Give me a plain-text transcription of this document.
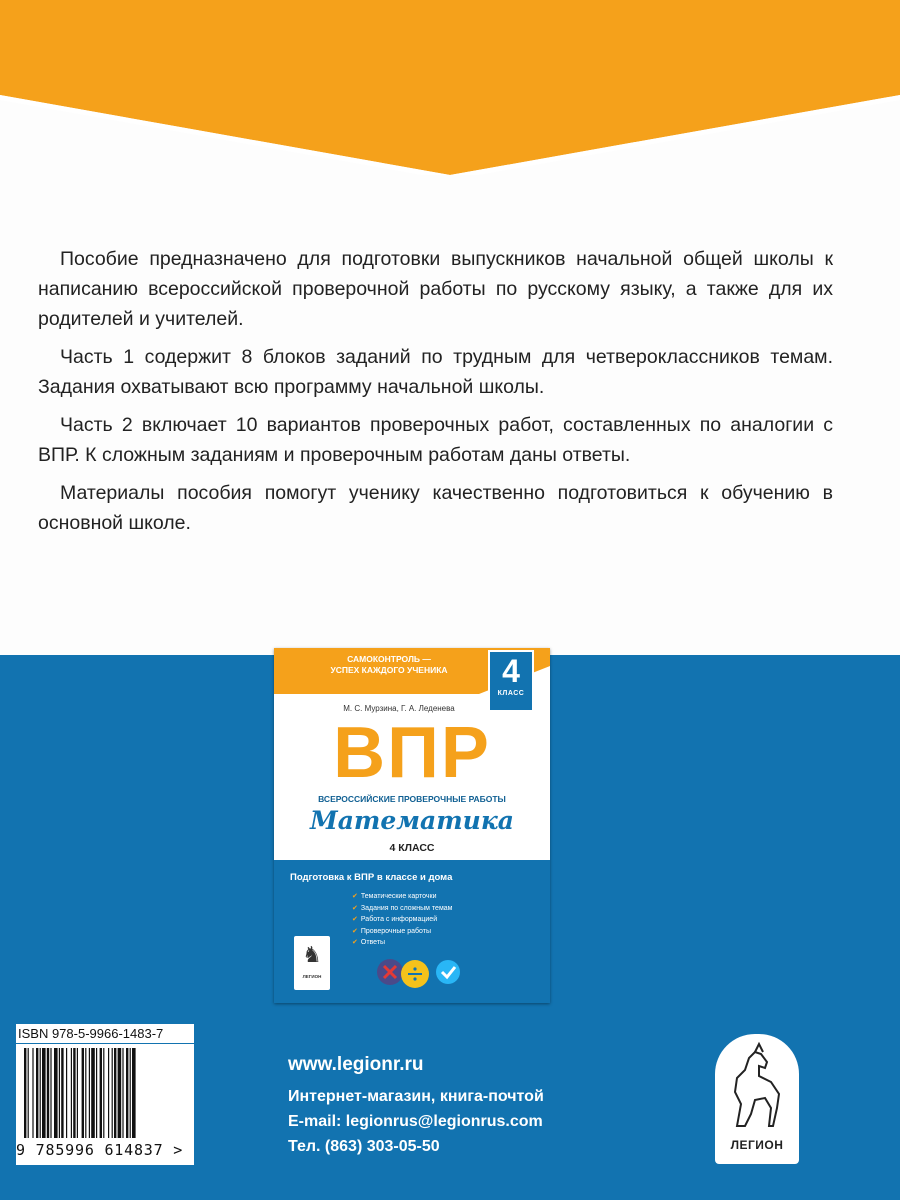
Пособие предназначено для подготовки выпускников начальной общей школы к написанию всероссийской проверочной работы по русскому языку, а также для их родителей и учителей.

Часть 1 содержит 8 блоков заданий по трудным для четвероклассников темам. Задания охватывают всю программу начальной школы.

Часть 2 включает 10 вариантов проверочных работ, составленных по аналогии с ВПР. К сложным заданиям и проверочным работам даны ответы.

Материалы пособия помогут ученику качественно подготовиться к обучению в основной школе.

САМОКОНТРОЛЬ —
УСПЕХ КАЖДОГО УЧЕНИКА	4
КЛАСС
М. С. Мурзина, Г. А. Леденева
ВПР
ВСЕРОССИЙСКИЕ ПРОВЕРОЧНЫЕ РАБОТЫ
Математика
4 КЛАСС
Подготовка к ВПР в классе и дома
✔ Тематические карточки
✔ Задания по сложным темам
✔ Работа с информацией
✔ Проверочные работы
✔ Ответы
♞
ЛЕГИОН
ISBN 978-5-9966-1483-7
9 785996 614837 >
www.legionr.ru
Интернет-магазин, книга-почтой
E-mail: legionrus@legionrus.com
Тел. (863) 303-05-50	ЛЕГИОН
TM
